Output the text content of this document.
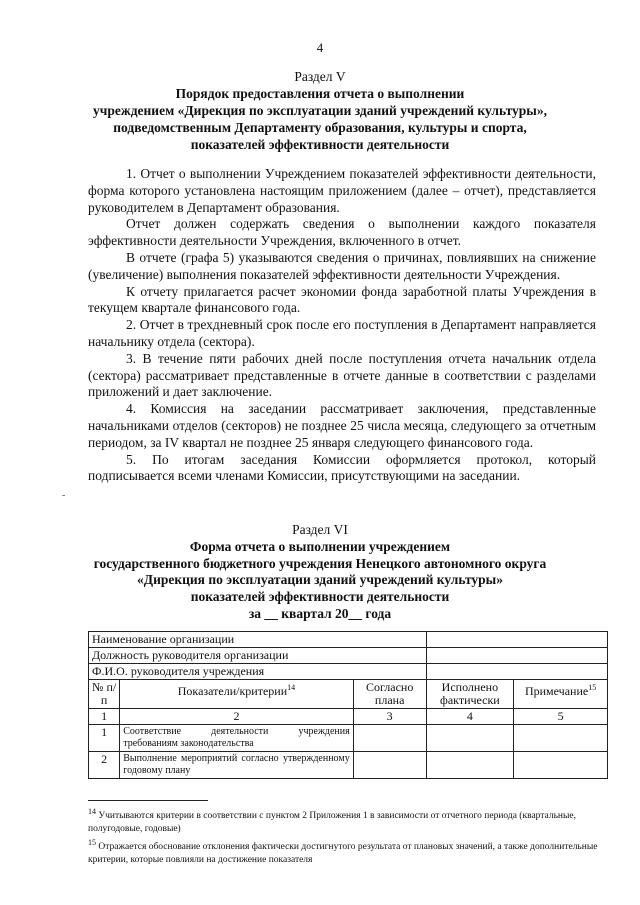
4
Раздел V
Порядок предоставления отчета о выполнении
учреждением «Дирекция по эксплуатации зданий учреждений культуры»,
подведомственным Департаменту образования, культуры и спорта,
показателей эффективности деятельности

1. Отчет о выполнении Учреждением показателей эффективности деятельности, форма которого установлена настоящим приложением (далее – отчет), представляется руководителем в Департамент образования.

Отчет должен содержать сведения о выполнении каждого показателя эффективности деятельности Учреждения, включенного в отчет.

В отчете (графа 5) указываются сведения о причинах, повлиявших на снижение (увеличение) выполнения показателей эффективности деятельности Учреждения.

К отчету прилагается расчет экономии фонда заработной платы Учреждения в текущем квартале финансового года.

2. Отчет в трехдневный срок после его поступления в Департамент направляется начальнику отдела (сектора).

3. В течение пяти рабочих дней после поступления отчета начальник отдела (сектора) рассматривает представленные в отчете данные в соответствии с разделами приложений и дает заключение.

4. Комиссия на заседании рассматривает заключения, представленные начальниками отделов (секторов) не позднее 25 числа месяца, следующего за отчетным периодом, за IV квартал не позднее 25 января следующего финансового года.

5. По итогам заседания Комиссии оформляется протокол, который подписывается всеми членами Комиссии, присутствующими на заседании.

-
Раздел VI
Форма отчета о выполнении учреждением
государственного бюджетного учреждения Ненецкого автономного округа
«Дирекция по эксплуатации зданий учреждений культуры»
показателей эффективности деятельности
за __ квартал 20__ года
Наименование организации				
Должность руководителя организации				
Ф.И.О. руководителя учреждения				
№ п/п	Показатели/критерии$^{14}$	Согласно плана	Исполнено фактически	Примечание$^{15}$
1	2	3	4	5
1	Соответствие деятельности учреждения требованиям законодательства			
2	Выполнение мероприятий согласно утвержденному годовому плану			

$^{14}$ Учитываются критерии в соответствии с пунктом 2 Приложения 1 в зависимости от отчетного периода (квартальные, полугодовые, годовые)

$^{15}$ Отражается обоснование отклонения фактически достигнутого результата от плановых значений, а также дополнительные критерии, которые повлияли на достижение показателя
